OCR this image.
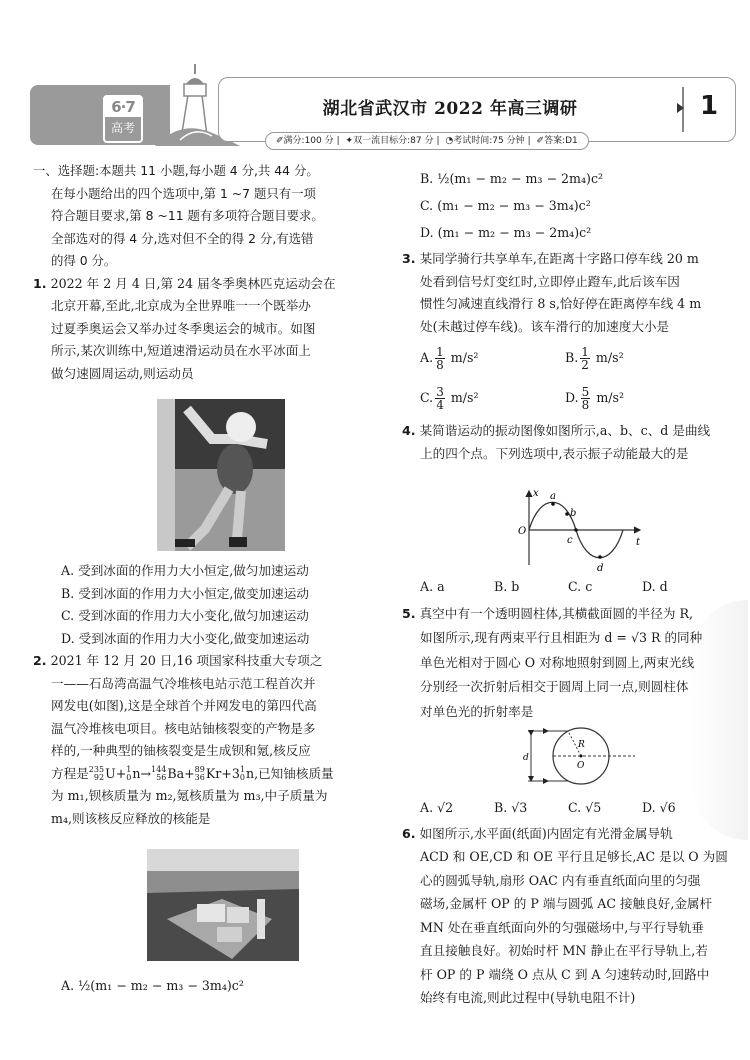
6·7
高考
湖北省武汉市 2022 年高三调研	1
✐满分:100 分 | ✦双一流目标分:87 分 | ◔考试时间:75 分钟 | ✐答案:D1
一、选择题:本题共 11 小题,每小题 4 分,共 44 分。
在每小题给出的四个选项中,第 1 ~7 题只有一项
符合题目要求,第 8 ~11 题有多项符合题目要求。
全部选对的得 4 分,选对但不全的得 2 分,有选错
的得 0 分。
1. 2022 年 2 月 4 日,第 24 届冬季奥林匹克运动会在
北京开幕,至此,北京成为全世界唯一一个既举办
过夏季奥运会又举办过冬季奥运会的城市。如图
所示,某次训练中,短道速滑运动员在水平冰面上
做匀速圆周运动,则运动员
A. 受到冰面的作用力大小恒定,做匀加速运动
B. 受到冰面的作用力大小恒定,做变加速运动
C. 受到冰面的作用力大小变化,做匀加速运动
D. 受到冰面的作用力大小变化,做变加速运动
2. 2021 年 12 月 20 日,16 项国家科技重大专项之
一——石岛湾高温气冷堆核电站示范工程首次并
网发电(如图),这是全球首个并网发电的第四代高
温气冷堆核电项目。核电站铀核裂变的产物是多
样的,一种典型的铀核裂变是生成钡和氪,核反应
方程是 235
92 U+ 1
0 n→ 144
56 Ba+ 89
36 Kr+3 1
0 n,已知铀核质量
为 m₁,钡核质量为 m₂,氪核质量为 m₃,中子质量为
m₄,则该核反应释放的核能是
A. ½(m₁ − m₂ − m₃ − 3m₄)c²
B. ½(m₁ − m₂ − m₃ − 2m₄)c²
C. (m₁ − m₂ − m₃ − 3m₄)c²
D. (m₁ − m₂ − m₃ − 2m₄)c²
3. 某同学骑行共享单车,在距离十字路口停车线 20 m
处看到信号灯变红时,立即停止蹬车,此后该车因
惯性匀减速直线滑行 8 s,恰好停在距离停车线 4 m
处(未越过停车线)。该车滑行的加速度大小是
A. $\frac{1}{8} m/s^2$	B. $\frac{1}{2} m/s^2$
C. $\frac{3}{4} m/s^2$	D. $\frac{5}{8} m/s^2$
4. 某简谐运动的振动图像如图所示,a、b、c、d 是曲线
上的四个点。下列选项中,表示振子动能最大的是
x
O
t
a
b
c
d
A. a	B. b	C. c	D. d
5. 真空中有一个透明圆柱体,其横截面圆的半径为 R,
如图所示,现有两束平行且相距为 d = √3 R 的同种
单色光相对于圆心 O 对称地照射到圆上,两束光线
分别经一次折射后相交于圆周上同一点,则圆柱体
对单色光的折射率是
R
O
d
A. √2	B. √3	C. √5	D. √6
6. 如图所示,水平面(纸面)内固定有光滑金属导轨
ACD 和 OE,CD 和 OE 平行且足够长,AC 是以 O 为圆
心的圆弧导轨,扇形 OAC 内有垂直纸面向里的匀强
磁场,金属杆 OP 的 P 端与圆弧 AC 接触良好,金属杆
MN 处在垂直纸面向外的匀强磁场中,与平行导轨垂
直且接触良好。初始时杆 MN 静止在平行导轨上,若
杆 OP 的 P 端绕 O 点从 C 到 A 匀速转动时,回路中
始终有电流,则此过程中(导轨电阻不计)
